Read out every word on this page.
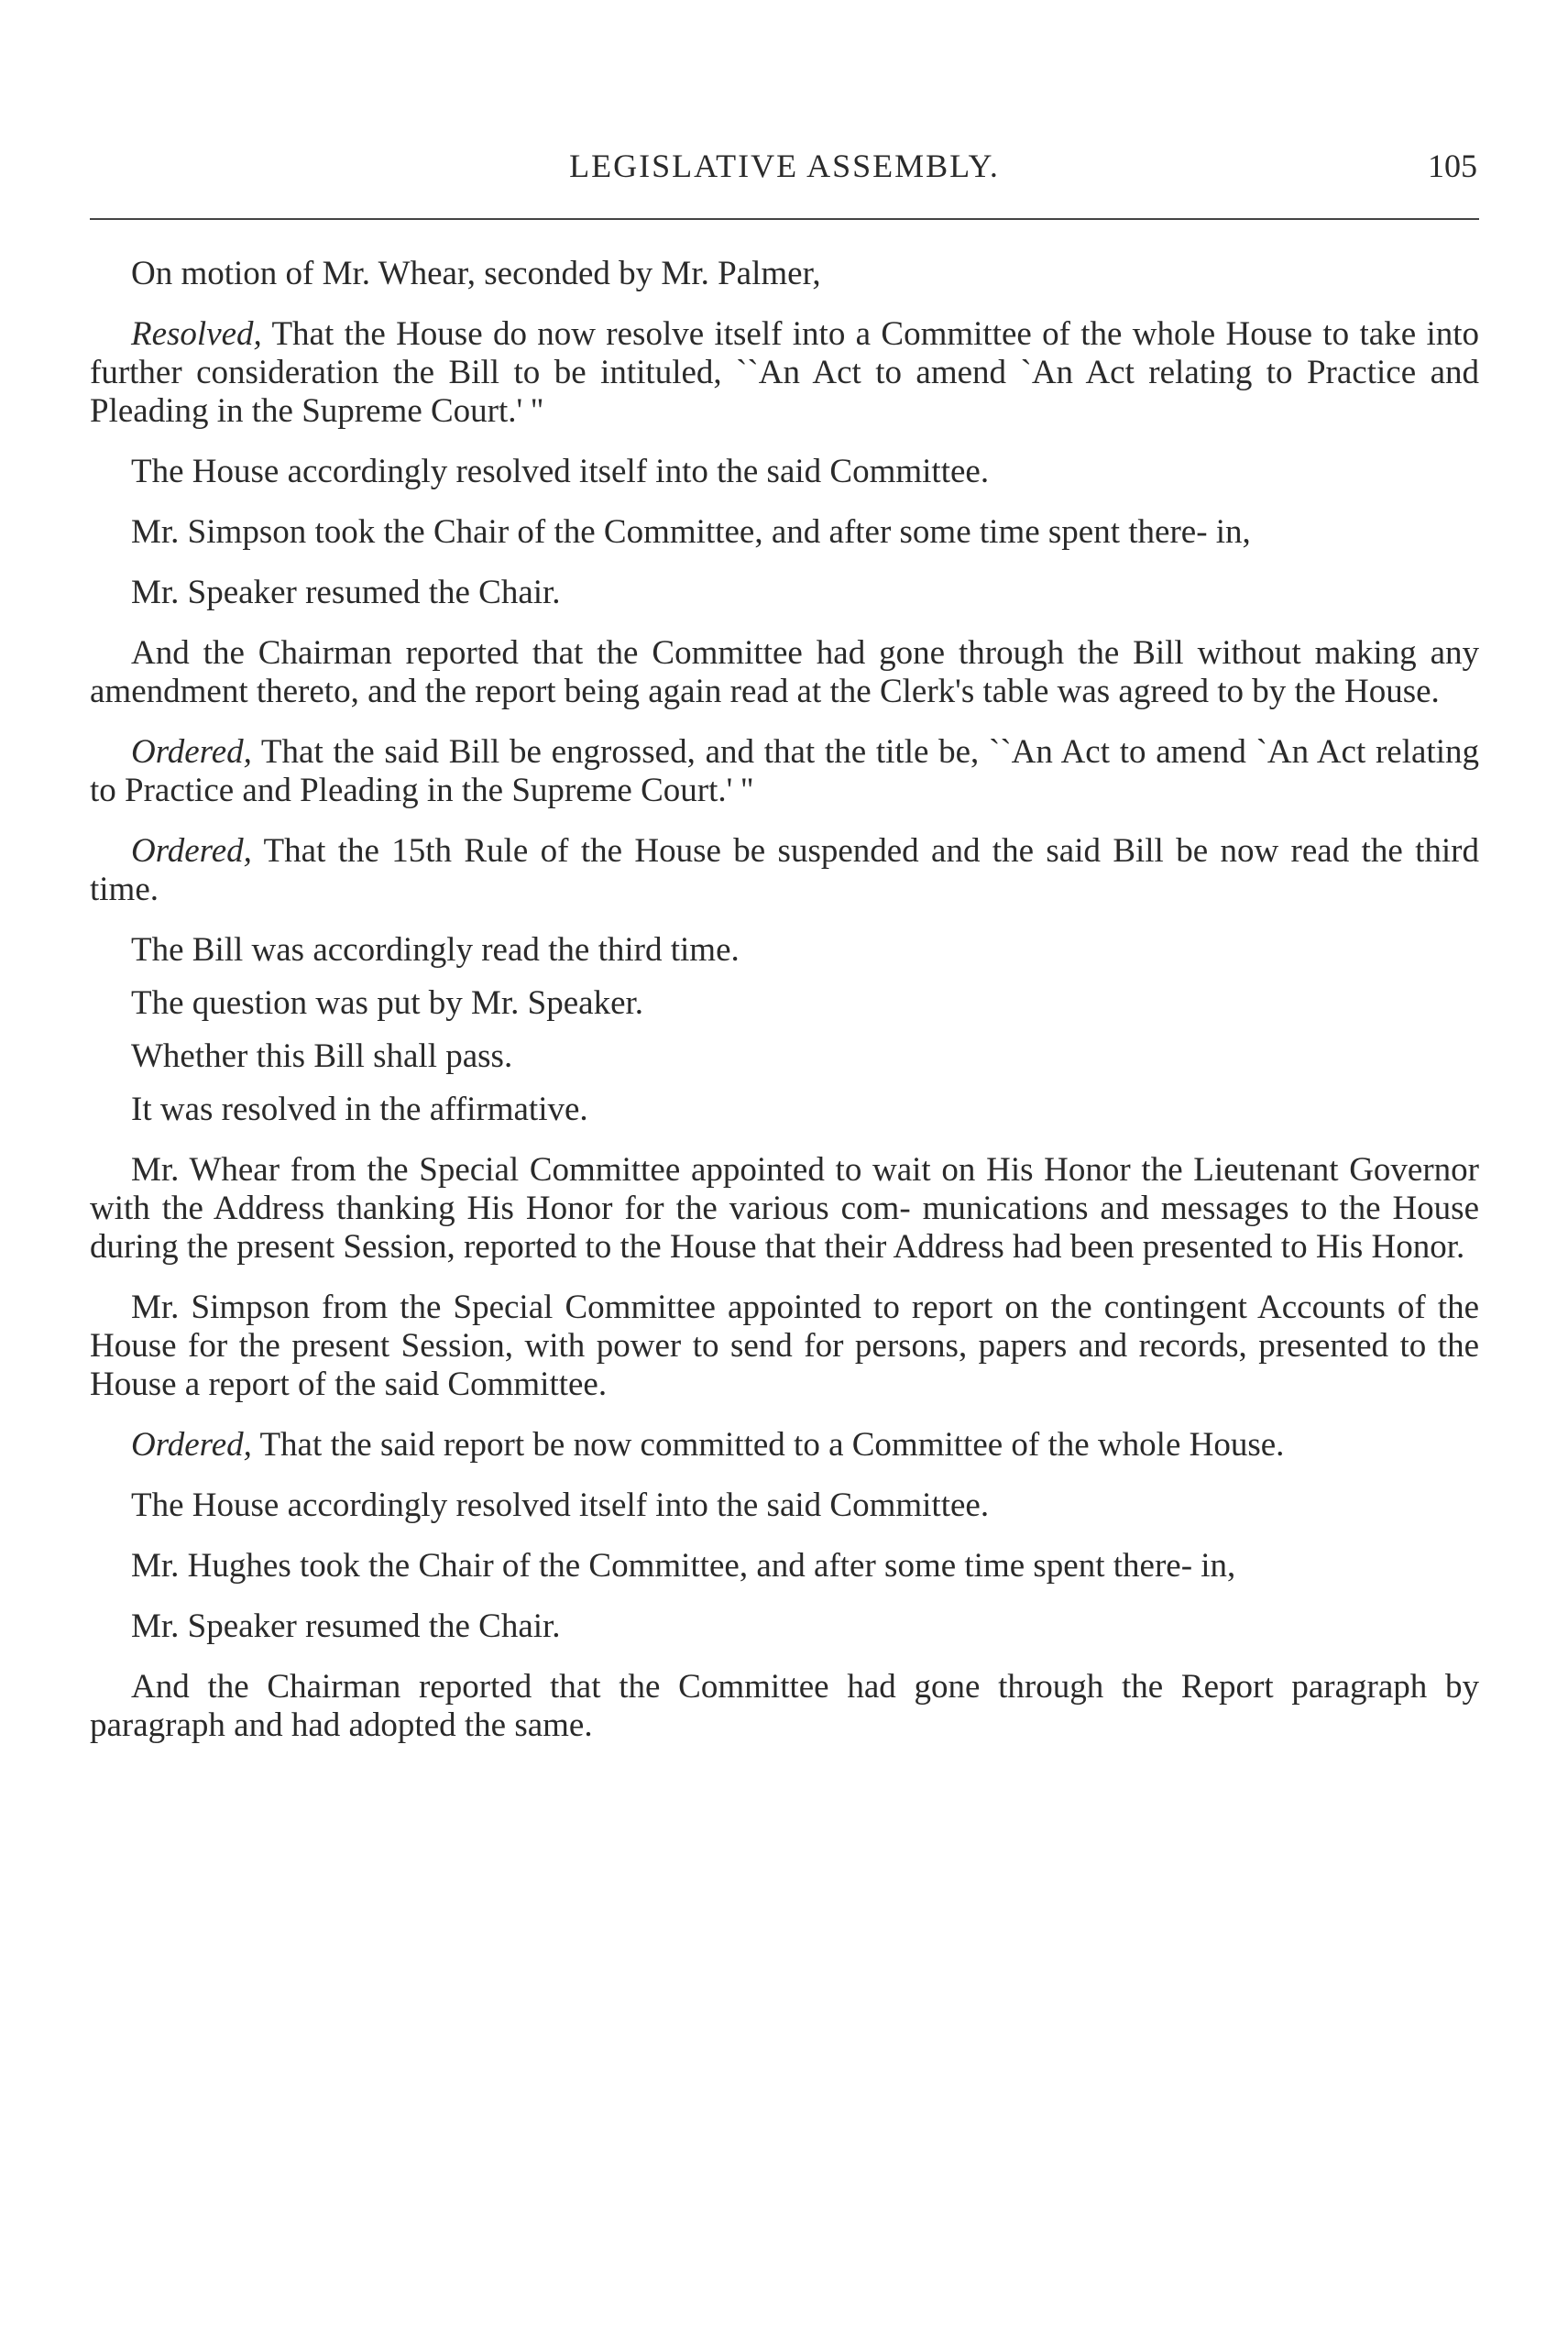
LEGISLATIVE ASSEMBLY.	105

On motion of Mr. Whear, seconded by Mr. Palmer,

Resolved, That the House do now resolve itself into a Committee of the whole House to take into further consideration the Bill to be intituled, ``An Act to amend `An Act relating to Practice and Pleading in the Supreme Court.' ''

The House accordingly resolved itself into the said Committee.

Mr. Simpson took the Chair of the Committee, and after some time spent there- in,

Mr. Speaker resumed the Chair.

And the Chairman reported that the Committee had gone through the Bill without making any amendment thereto, and the report being again read at the Clerk's table was agreed to by the House.

Ordered, That the said Bill be engrossed, and that the title be, ``An Act to amend `An Act relating to Practice and Pleading in the Supreme Court.' ''

Ordered, That the 15th Rule of the House be suspended and the said Bill be now read the third time.

The Bill was accordingly read the third time.

The question was put by Mr. Speaker.

Whether this Bill shall pass.

It was resolved in the affirmative.

Mr. Whear from the Special Committee appointed to wait on His Honor the Lieutenant Governor with the Address thanking His Honor for the various com- munications and messages to the House during the present Session, reported to the House that their Address had been presented to His Honor.

Mr. Simpson from the Special Committee appointed to report on the contingent Accounts of the House for the present Session, with power to send for persons, papers and records, presented to the House a report of the said Committee.

Ordered, That the said report be now committed to a Committee of the whole House.

The House accordingly resolved itself into the said Committee.

Mr. Hughes took the Chair of the Committee, and after some time spent there- in,

Mr. Speaker resumed the Chair.

And the Chairman reported that the Committee had gone through the Report paragraph by paragraph and had adopted the same.
